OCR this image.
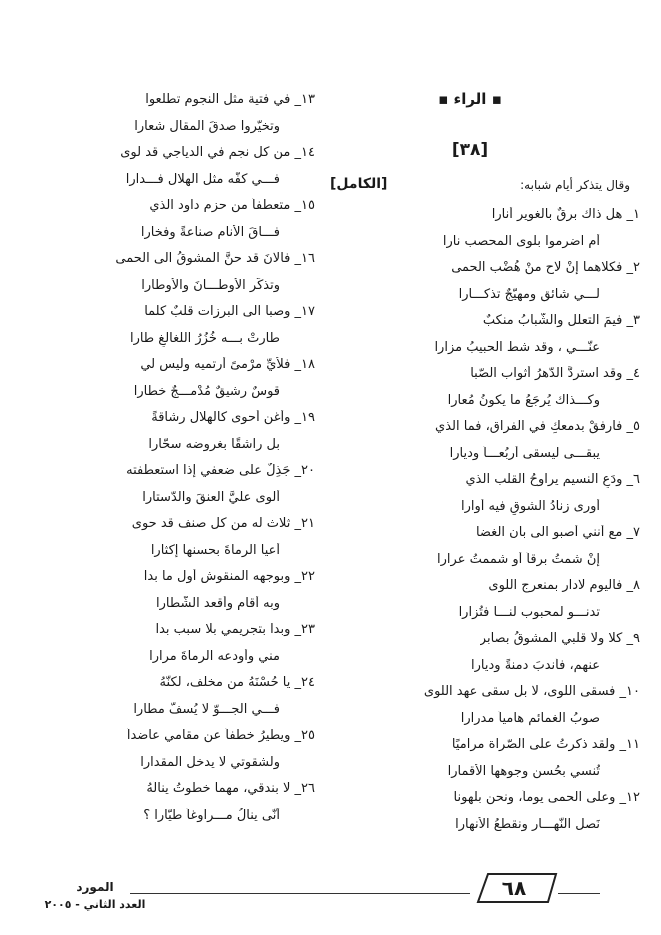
▪ الراء ▪
[٣٨]
وقال يتذكر أيام شبابه:
[الكامل]
١_ هل ذاك برقٌ بالغوير أنارا
أم اضرموا بلوى المحصب نارا
٢_ فكلاهما إنْ لاح منْ هُضْب الحمى
لـــي شائق ومهيّجٌ تذكـــارا
٣_ فيمَ التعلّل والشّبابُ منكبٌ
عنّـــي ، وقد شطّ الحبيبُ مزارا
٤_ وقد استردَّ الدّهرُ أثواب الصّبا
وكـــذاك يُرجَعُ ما يكونُ مُعارا
٥_ فارفقْ بدمعكِ في الفراق، فما الذي
يبقـــى ليسقى أربُعـــاً وديارا
٦_ ودَعِ النسيم يراوحُ القلب الذي
أورى زنادُ الشوقِ فيه أوارا
٧_ مع أنني أصبو الى بان الغضا
إنْ شمتُ برقاً أو شممتُ عرارا
٨_ فاليوم لادار بمنعرج اللّوى
تدنـــو لمحبوب لنـــا فتُزارا
٩_ كلا ولا قلبي المشوقُ بصابر
عنهم، فأندبَ دمنةً وديارا
١٠_ فسقى اللوى، لا بل سقى عهد اللّوى
صوبُ الغمائم هامياً مدرارا
١١_ ولقد ذكرتُ على الصّراة مراميًا
تُنسي بحُسن وجوهها الأقمارا
١٢_ وعلى الحمى يوماً، ونحن بلهونا
نَصل النّهـــار ونقطعُ الأنهارا
١٣_ في فتية مثل النجوم تطلعوا
وتخيّروا صدقَ المقال شعارا
١٤_ من كل نجم في الدياجي قد لوى
فـــي كفّه مثل الهلال فـــدارا
١٥_ متعطفاً من حزم داود الذي
فـــاقَ الأنام صناعةً وفخارا
١٦_ فالانَ قد حنَّ المشوقُ الى الحمى
وتذكّر الأوطـــانَ والأوطارا
١٧_ وصبا الى البرزات قلبٌ كلّما
طارتْ بـــه خُزُرُ الْلغالغِ طارا
١٨_ فلأيِّ مرْمىً أرتميه وليس لي
قوسٌ رشيقٌ مُدْمـــجٌ خطّارا
١٩_ وأغن أحوى كالهلال رشاقةً
بل راشقًا بغروضه سحّارا
٢٠_ جَذِلٌ على ضعفي إذا استعطفته
ألوى عليَّ العنقَ والدّستارا
٢١_ ثلاث له من كل صنف قد حوى
أعيا الرماةَ بحسنها إكثارا
٢٢_ وبوجهه المنقوش أول ما بدا
وبه أقام وأقعد الشّطارا
٢٣_ وبدا بتجريمي بلا سبب بدا
مني وأودعه الرماةَ مرارا
٢٤_ يا حُسْنَهُ من مخلف، لكنّهُ
فـــي الجـــوّ لا يُسفُّ مطارا
٢٥_ ويطيرُ خطفاً عن مقامي عاضداً
ولشقوتي لا يدخل المقدارا
٢٦_ لا بندقي، مهما خطوتُ ينالُهُ
أنّى ينالُ مـــراوغاً طيّارا ؟
٦٨
المورد
العدد الثاني - ٢٠٠٥
